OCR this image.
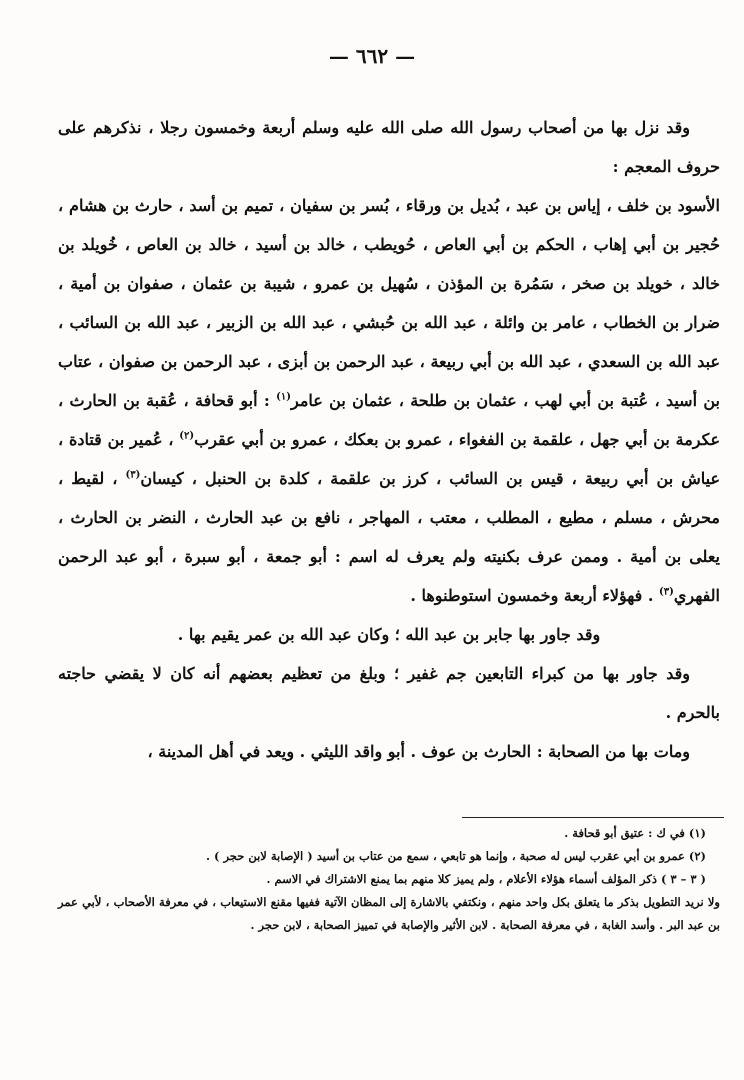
— ٦٦٢ —

وقد نزل بها من أصحاب رسول الله صلى الله عليه وسلم أربعة وخمسون رجلا ، نذكرهم على حروف المعجم :

الأسود بن خلف ، إياس بن عبد ، بُديل بن ورقاء ، بُسر بن سفيان ، تميم بن أسد ، حارث بن هشام ، حُجير بن أبي إهاب ، الحكم بن أبي العاص ، حُويطب ، خالد بن أسيد ، خالد بن العاص ، خُويلد بن خالد ، خويلد بن صخر ، سَمُرة بن المؤذن ، سُهيل بن عمرو ، شيبة بن عثمان ، صفوان بن أمية ، ضرار بن الخطاب ، عامر بن وائلة ، عبد الله بن حُبشي ، عبد الله بن الزبير ، عبد الله بن السائب ، عبد الله بن السعدي ، عبد الله بن أبي ربيعة ، عبد الرحمن بن أبزى ، عبد الرحمن بن صفوان ، عتاب بن أسيد ، عُتبة بن أبي لهب ، عثمان بن طلحة ، عثمان بن عامر$^{(١)}$ : أبو قحافة ، عُقبة بن الحارث ، عكرمة بن أبي جهل ، علقمة بن الفغواء ، عمرو بن بعكك ، عمرو بن أبي عقرب$^{(٢)}$ ، عُمير بن قتادة ، عياش بن أبي ربيعة ، قيس بن السائب ، كرز بن علقمة ، كلدة بن الحنبل ، كيسان$^{(٣)}$ ، لقيط ، محرش ، مسلم ، مطيع ، المطلب ، معتب ، المهاجر ، نافع بن عبد الحارث ، النضر بن الحارث ، يعلى بن أمية . وممن عرف بكنيته ولم يعرف له اسم : أبو جمعة ، أبو سبرة ، أبو عبد الرحمن الفهري$^{(٣)}$ . فهؤلاء أربعة وخمسون استوطنوها .

وقد جاور بها جابر بن عبد الله ؛ وكان عبد الله بن عمر يقيم بها .

وقد جاور بها من كبراء التابعين جم غفير ؛ وبلغ من تعظيم بعضهم أنه كان لا يقضي حاجته بالحرم .

ومات بها من الصحابة : الحارث بن عوف . أبو واقد الليثي . ويعد في أهل المدينة ،

(١) في ك : عتيق أبو قحافة .

(٢) عمرو بن أبي عقرب ليس له صحبة ، وإنما هو تابعي ، سمع من عتاب بن أسيد ( الإصابة لابن حجر ) .

( ٣ – ٣ ) ذكر المؤلف أسماء هؤلاء الأعلام ، ولم يميز كلا منهم بما يمنع الاشتراك في الاسم .

ولا نريد التطويل بذكر ما يتعلق بكل واحد منهم ، ونكتفي بالاشارة إلى المظان الآتية ففيها مقنع الاستيعاب ، في معرفة الأصحاب ، لأبي عمر بن عبد البر . وأسد الغابة ، في معرفة الصحابة . لابن الأثير والإصابة في تمييز الصحابة ، لابن حجر .
